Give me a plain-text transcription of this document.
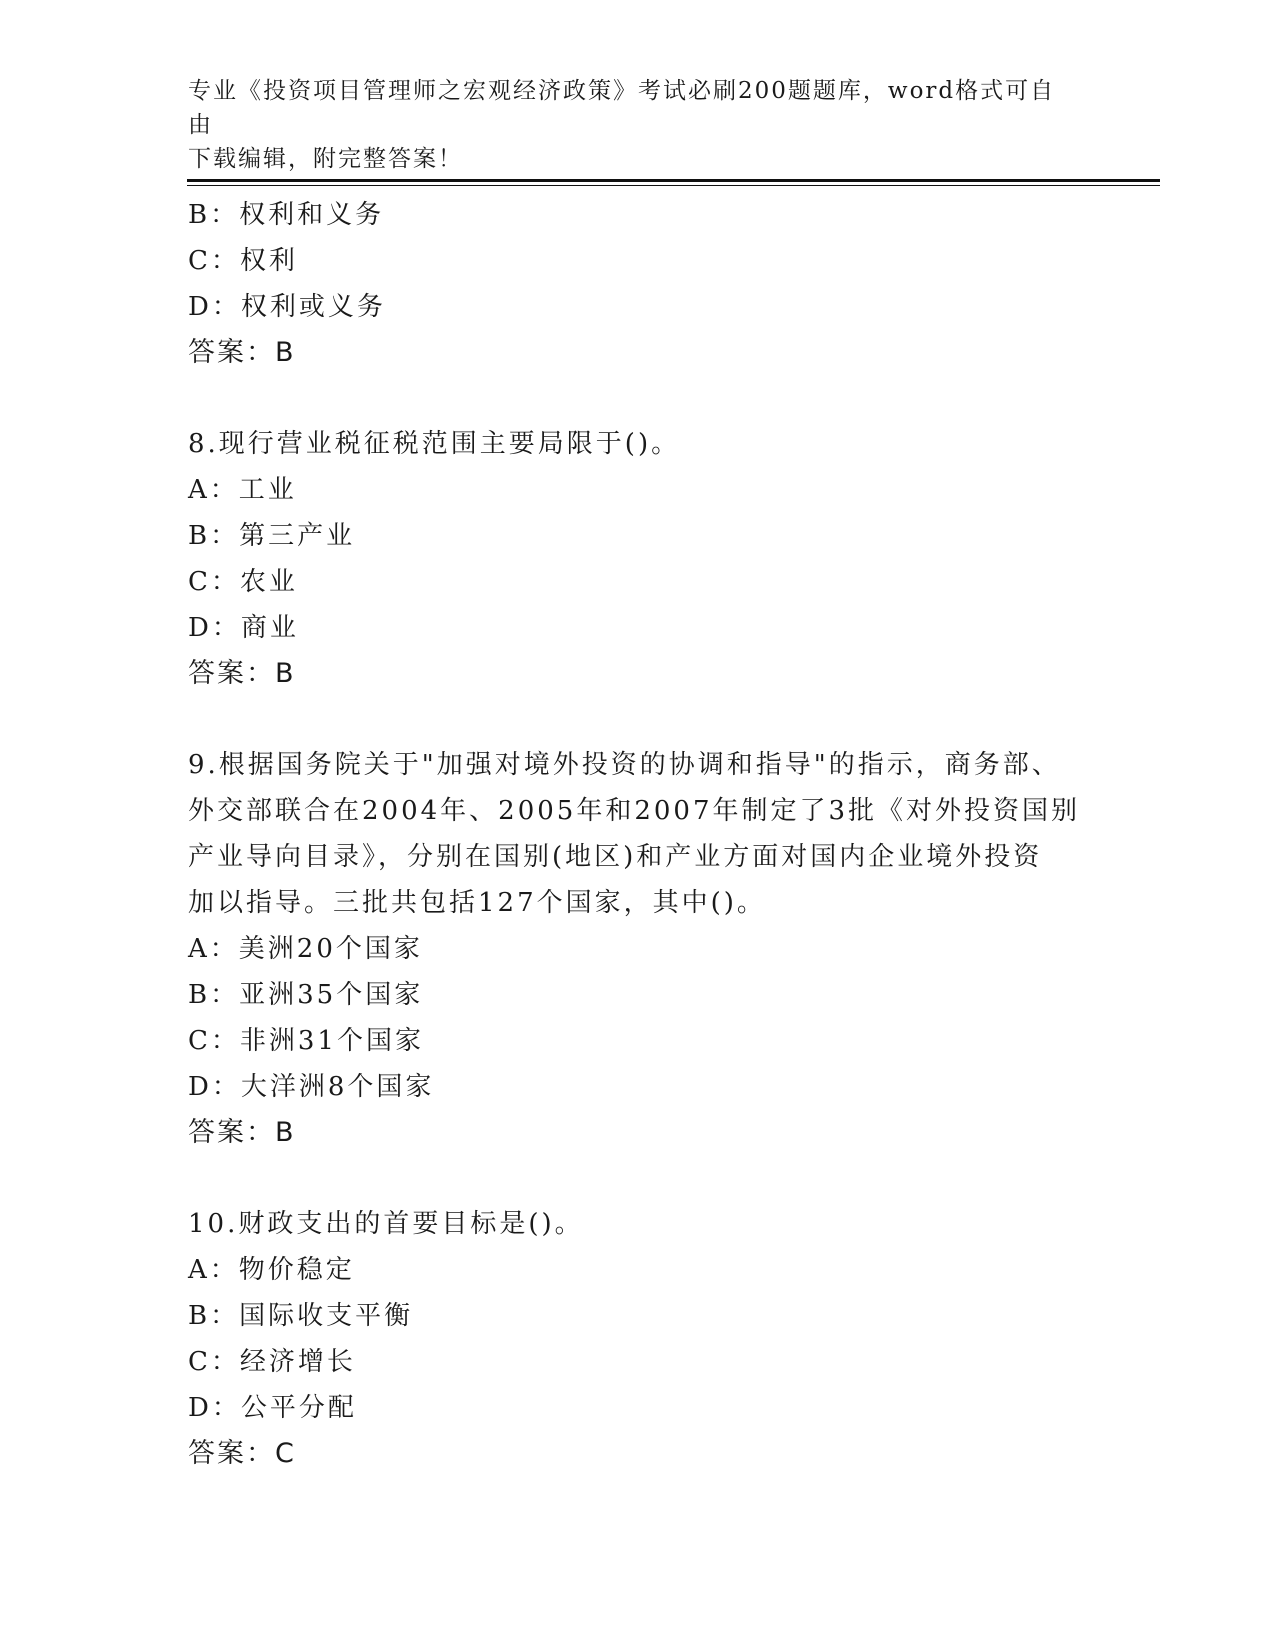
专业《投资项目管理师之宏观经济政策》考试必刷200题题库，word格式可自由
下载编辑，附完整答案！
B：权利和义务
C：权利
D：权利或义务
答案：B
8.现行营业税征税范围主要局限于()。
A：工业
B：第三产业
C：农业
D：商业
答案：B
9.根据国务院关于"加强对境外投资的协调和指导"的指示，商务部、
外交部联合在2004年、2005年和2007年制定了3批《对外投资国别
产业导向目录》，分别在国别(地区)和产业方面对国内企业境外投资
加以指导。三批共包括127个国家，其中()。
A：美洲20个国家
B：亚洲35个国家
C：非洲31个国家
D：大洋洲8个国家
答案：B
10.财政支出的首要目标是()。
A：物价稳定
B：国际收支平衡
C：经济增长
D：公平分配
答案：C
